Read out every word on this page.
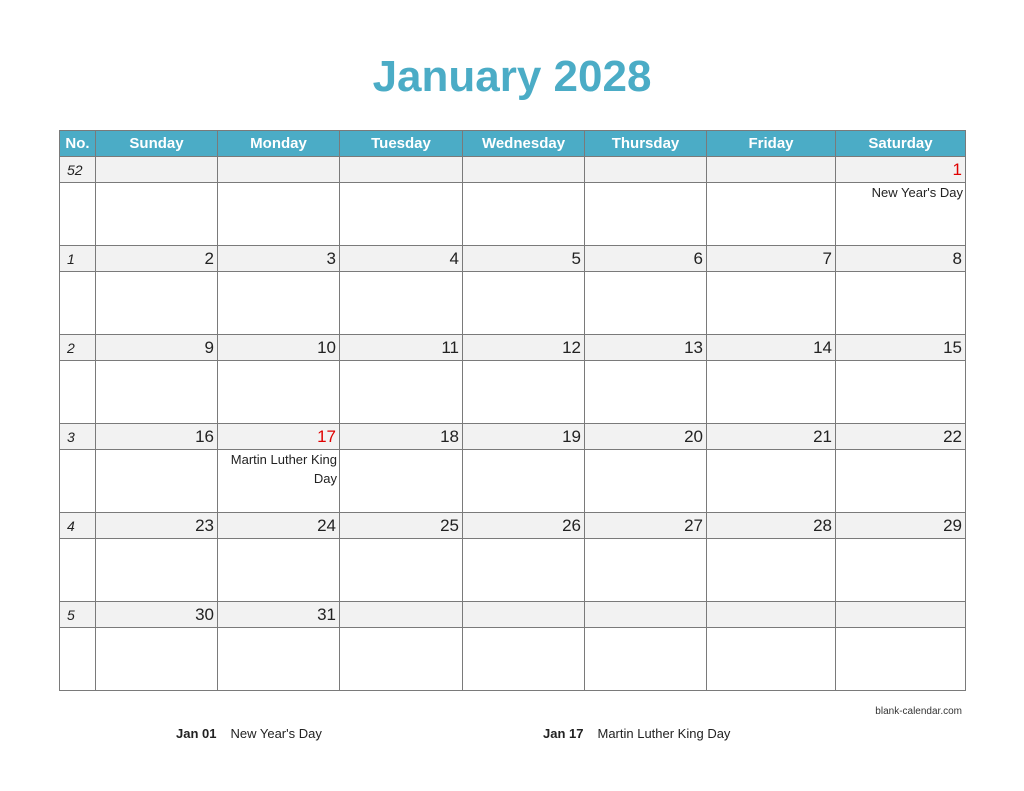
January 2028
No.	Sunday	Monday	Tuesday	Wednesday	Thursday	Friday	Saturday
52							1
							New Year's Day
1	2	3	4	5	6	7	8

2	9	10	11	12	13	14	15

3	16	17	18	19	20	21	22
		Martin Luther King Day					
4	23	24	25	26	27	28	29

5	30	31					

blank-calendar.com
Jan 01 New Year's Day	Jan 17 Martin Luther King Day
